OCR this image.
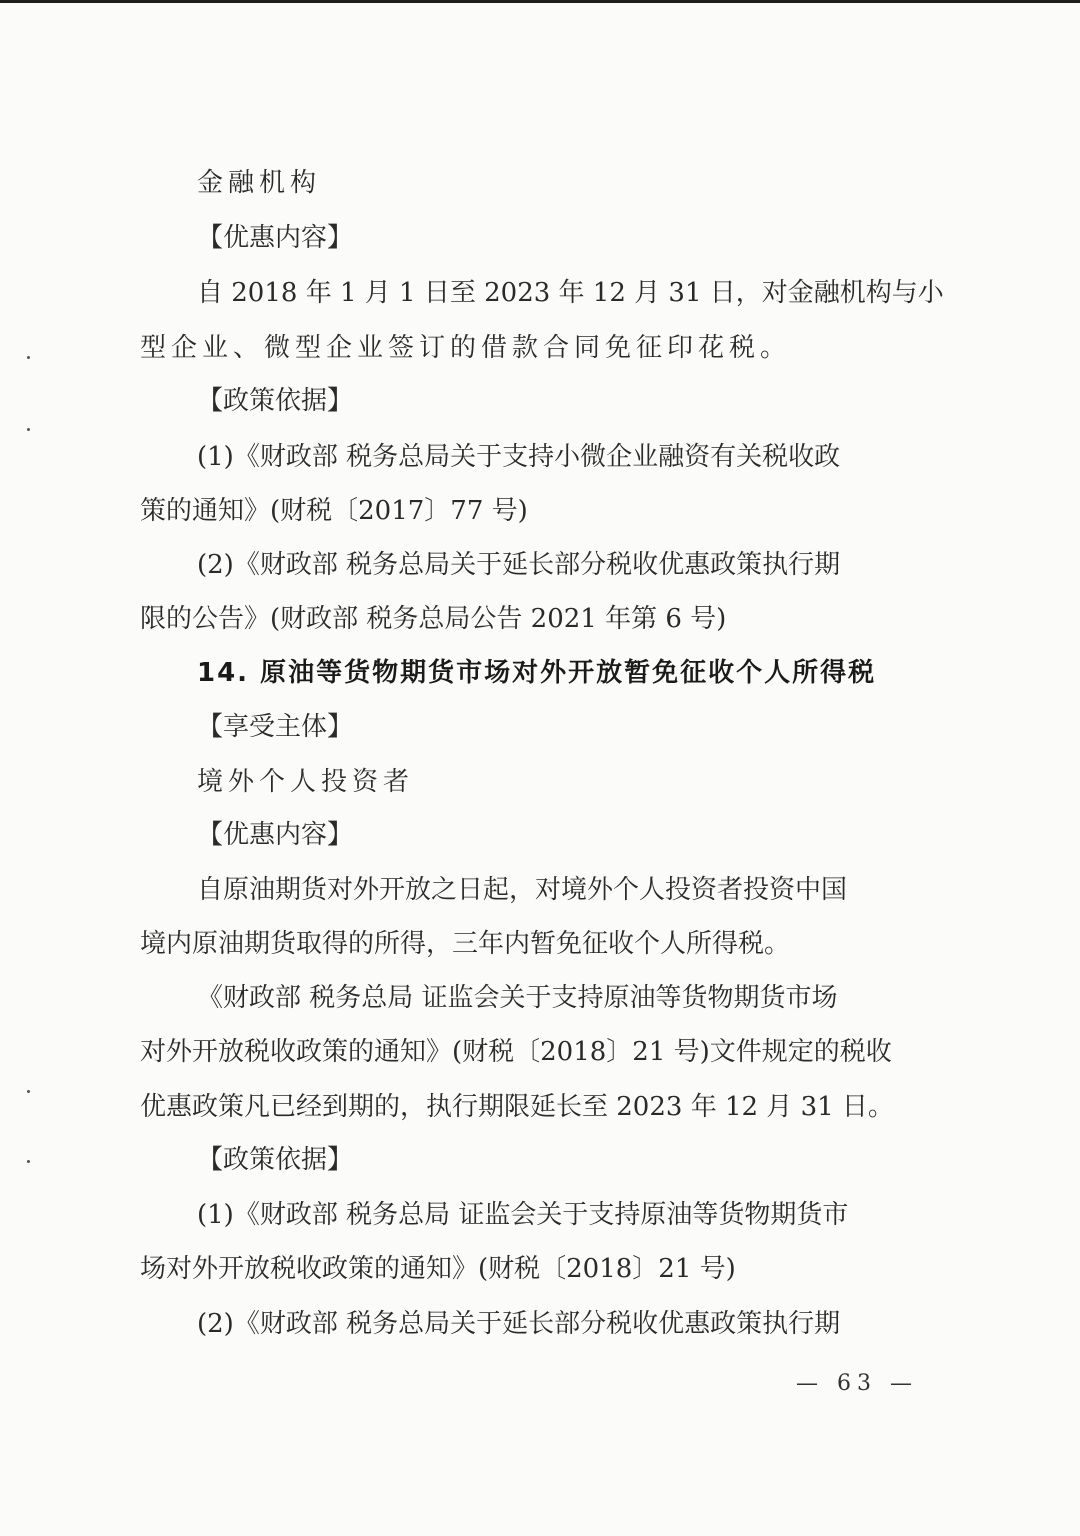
金融机构
【优惠内容】
自 2018 年 1 月 1 日至 2023 年 12 月 31 日，对金融机构与小
型企业、微型企业签订的借款合同免征印花税。
【政策依据】
(1)《财政部 税务总局关于支持小微企业融资有关税收政
策的通知》(财税〔2017〕77 号)
(2)《财政部 税务总局关于延长部分税收优惠政策执行期
限的公告》(财政部 税务总局公告 2021 年第 6 号)
14. 原油等货物期货市场对外开放暂免征收个人所得税
【享受主体】
境外个人投资者
【优惠内容】
自原油期货对外开放之日起，对境外个人投资者投资中国
境内原油期货取得的所得，三年内暂免征收个人所得税。
《财政部 税务总局 证监会关于支持原油等货物期货市场
对外开放税收政策的通知》(财税〔2018〕21 号)文件规定的税收
优惠政策凡已经到期的，执行期限延长至 2023 年 12 月 31 日。
【政策依据】
(1)《财政部 税务总局 证监会关于支持原油等货物期货市
场对外开放税收政策的通知》(财税〔2018〕21 号)
(2)《财政部 税务总局关于延长部分税收优惠政策执行期
— 63 —
